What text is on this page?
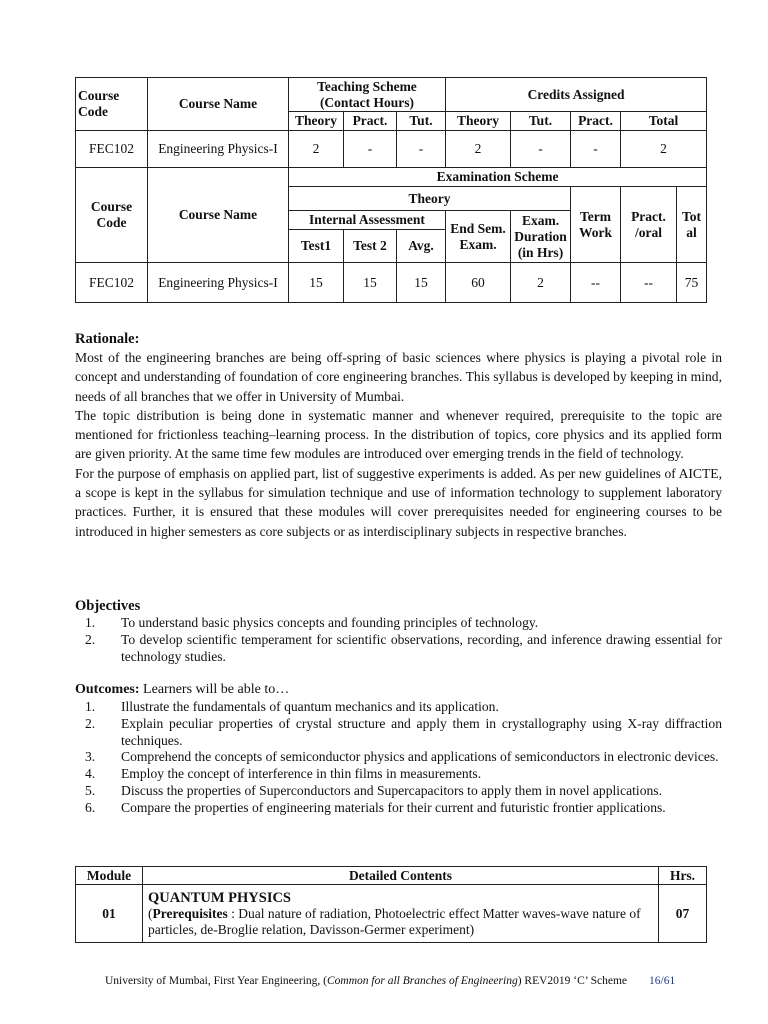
Course Code	Course Name	Teaching Scheme (Contact Hours)			Credits Assigned				
		Theory	Pract.	Tut.	Theory	Tut.	Pract.	Total	
FEC102	Engineering Physics-I	2	-	-	2	-	-	2	
Course Code	Course Name	Examination Scheme							
		Theory					Term Work	Pract. /oral	Tot al
		Internal Assessment			End Sem. Exam.	Exam. Duration (in Hrs)			
		Test1	Test 2	Avg.					
FEC102	Engineering Physics-I	15	15	15	60	2	--	--	75
Rationale:

Most of the engineering branches are being off-spring of basic sciences where physics is playing a pivotal role in concept and understanding of foundation of core engineering branches. This syllabus is developed by keeping in mind, needs of all branches that we offer in University of Mumbai.

The topic distribution is being done in systematic manner and whenever required, prerequisite to the topic are mentioned for frictionless teaching–learning process. In the distribution of topics, core physics and its applied form are given priority. At the same time few modules are introduced over emerging trends in the field of technology.

For the purpose of emphasis on applied part, list of suggestive experiments is added. As per new guidelines of AICTE, a scope is kept in the syllabus for simulation technique and use of information technology to supplement laboratory practices. Further, it is ensured that these modules will cover prerequisites needed for engineering courses to be introduced in higher semesters as core subjects or as interdisciplinary subjects in respective branches.

Objectives
1. To understand basic physics concepts and founding principles of technology.
2. To develop scientific temperament for scientific observations, recording, and inference drawing essential for technology studies.
Outcomes: Learners will be able to…
1. Illustrate the fundamentals of quantum mechanics and its application.
2. Explain peculiar properties of crystal structure and apply them in crystallography using X-ray diffraction techniques.
3. Comprehend the concepts of semiconductor physics and applications of semiconductors in electronic devices.
4. Employ the concept of interference in thin films in measurements.
5. Discuss the properties of Superconductors and Supercapacitors to apply them in novel applications.
6. Compare the properties of engineering materials for their current and futuristic frontier applications.
Module	Detailed Contents	Hrs.
01	QUANTUM PHYSICS
(Prerequisites : Dual nature of radiation, Photoelectric effect Matter waves-wave nature of particles, de-Broglie relation, Davisson-Germer experiment)	07
University of Mumbai, First Year Engineering, (Common for all Branches of Engineering) REV2019 ‘C’ Scheme 16/61
